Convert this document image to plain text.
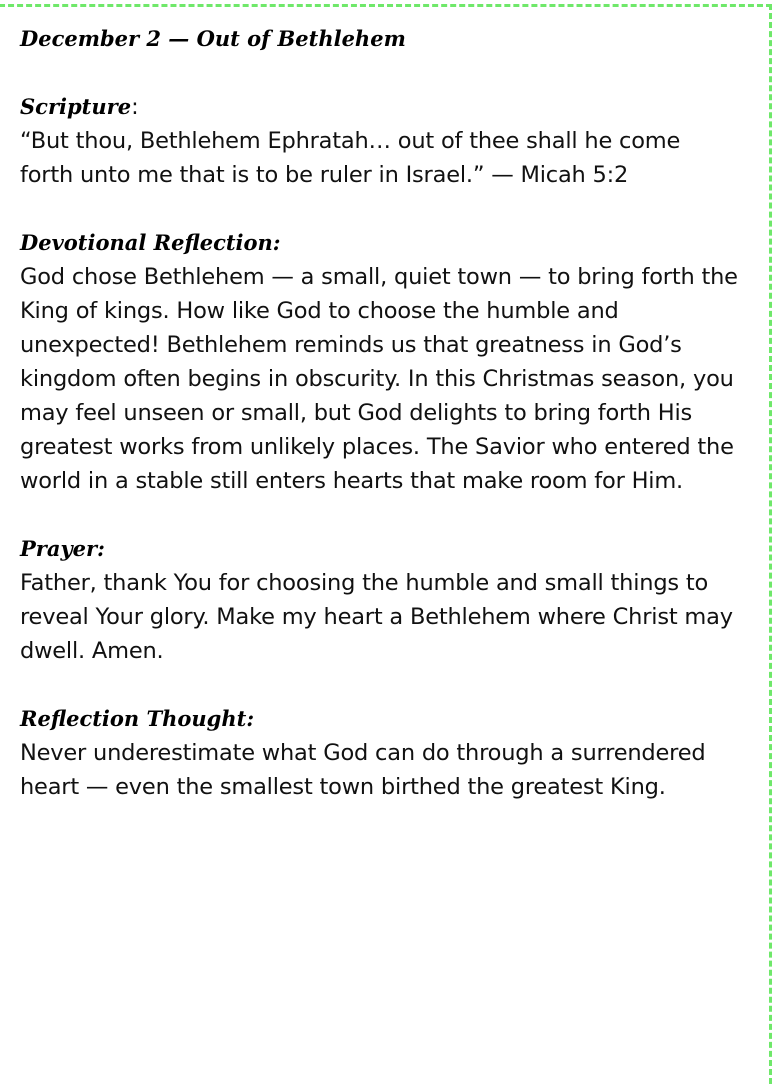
December 2 — Out of Bethlehem
Scripture:

“But thou, Bethlehem Ephratah… out of thee shall he come forth unto me that is to be ruler in Israel.” — Micah 5:2

Devotional Reflection:

God chose Bethlehem — a small, quiet town — to bring forth the King of kings. How like God to choose the humble and unexpected! Bethlehem reminds us that greatness in God’s kingdom often begins in obscurity. In this Christmas season, you may feel unseen or small, but God delights to bring forth His greatest works from unlikely places. The Savior who entered the world in a stable still enters hearts that make room for Him.

Prayer:

Father, thank You for choosing the humble and small things to reveal Your glory. Make my heart a Bethlehem where Christ may dwell. Amen.

Reflection Thought:

Never underestimate what God can do through a surrendered heart — even the smallest town birthed the greatest King.
